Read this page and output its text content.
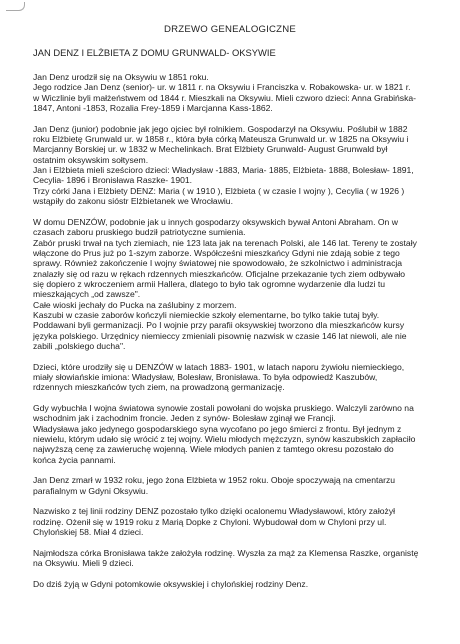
DRZEWO GENEALOGICZNE
JAN DENZ I ELŻBIETA Z DOMU GRUNWALD- OKSYWIE

Jan Denz urodził się na Oksywiu w 1851 roku.
Jego rodzice Jan Denz (senior)- ur. w 1811 r. na Oksywiu i Franciszka v. Robakowska- ur. w 1821 r.
w Wiczlinie byli małżeństwem od 1844 r. Mieszkali na Oksywiu. Mieli czworo dzieci: Anna Grabińska-
1847, Antoni -1853, Rozalia Frey-1859 i Marcjanna Kass-1862.

Jan Denz (junior) podobnie jak jego ojciec był rolnikiem. Gospodarzył na Oksywiu. Poślubił w 1882
roku Elżbietę Grunwald ur. w 1858 r., która była córką Mateusza Grunwald ur. w 1825 na Oksywiu i
Marcjanny Borskiej ur. w 1832 w Mechelinkach. Brat Elżbiety Grunwald- August Grunwald był
ostatnim oksywskim sołtysem.
Jan i Elżbieta mieli sześcioro dzieci: Władysław -1883, Maria- 1885, Elżbieta- 1888, Bolesław- 1891,
Cecylia- 1896 i Bronisława Raszke- 1901.
Trzy córki Jana i Elżbiety DENZ: Maria ( w 1910 ), Elżbieta ( w czasie I wojny ), Cecylia ( w 1926 )
wstąpiły do zakonu sióstr Elżbietanek we Wrocławiu.

W domu DENZÓW, podobnie jak u innych gospodarzy oksywskich bywał Antoni Abraham. On w
czasach zaboru pruskiego budził patriotyczne sumienia.
Zabór pruski trwał na tych ziemiach, nie 123 lata jak na terenach Polski, ale 146 lat. Tereny te zostały
włączone do Prus już po 1-szym zaborze. Współcześni mieszkańcy Gdyni nie zdają sobie z tego
sprawy. Również zakończenie I wojny światowej nie spowodowało, że szkolnictwo i administracja
znalazły się od razu w rękach rdzennych mieszkańców. Oficjalne przekazanie tych ziem odbywało
się dopiero z wkroczeniem armii Hallera, dlatego to było tak ogromne wydarzenie dla ludzi tu
mieszkających „od zawsze".
Całe wioski jechały do Pucka na zaślubiny z morzem.
Kaszubi w czasie zaborów kończyli niemieckie szkoły elementarne, bo tylko takie tutaj były.
Poddawani byli germanizacji. Po I wojnie przy parafii oksywskiej tworzono dla mieszkańców kursy
języka polskiego. Urzędnicy niemieccy zmieniali pisownię nazwisk w czasie 146 lat niewoli, ale nie
zabili „polskiego ducha".

Dzieci, które urodziły się u DENZÓW w latach 1883- 1901, w latach naporu żywiołu niemieckiego,
miały słowiańskie imiona: Władysław, Bolesław, Bronisława. To była odpowiedź Kaszubów,
rdzennych mieszkańców tych ziem, na prowadzoną germanizację.

Gdy wybuchła I wojna światowa synowie zostali powołani do wojska pruskiego. Walczyli zarówno na
wschodnim jak i zachodnim froncie. Jeden z synów- Bolesław zginął we Francji.
Władysława jako jedynego gospodarskiego syna wycofano po jego śmierci z frontu. Był jednym z
niewielu, którym udało się wrócić z tej wojny. Wielu młodych mężczyzn, synów kaszubskich zapłaciło
najwyższą cenę za zawieruchę wojenną. Wiele młodych panien z tamtego okresu pozostało do
końca życia pannami.

Jan Denz zmarł w 1932 roku, jego żona Elżbieta w 1952 roku. Oboje spoczywają na cmentarzu
parafialnym w Gdyni Oksywiu.

Nazwisko z tej linii rodziny DENZ pozostało tylko dzięki ocalonemu Władysławowi, który założył
rodzinę. Ożenił się w 1919 roku z Marią Dopke z Chyloni. Wybudował dom w Chyloni przy ul.
Chylońskiej 58. Miał 4 dzieci.

Najmłodsza córka Bronisława także założyła rodzinę. Wyszła za mąż za Klemensa Raszke, organistę
na Oksywiu. Mieli 9 dzieci.

Do dziś żyją w Gdyni potomkowie oksywskiej i chylońskiej rodziny Denz.
